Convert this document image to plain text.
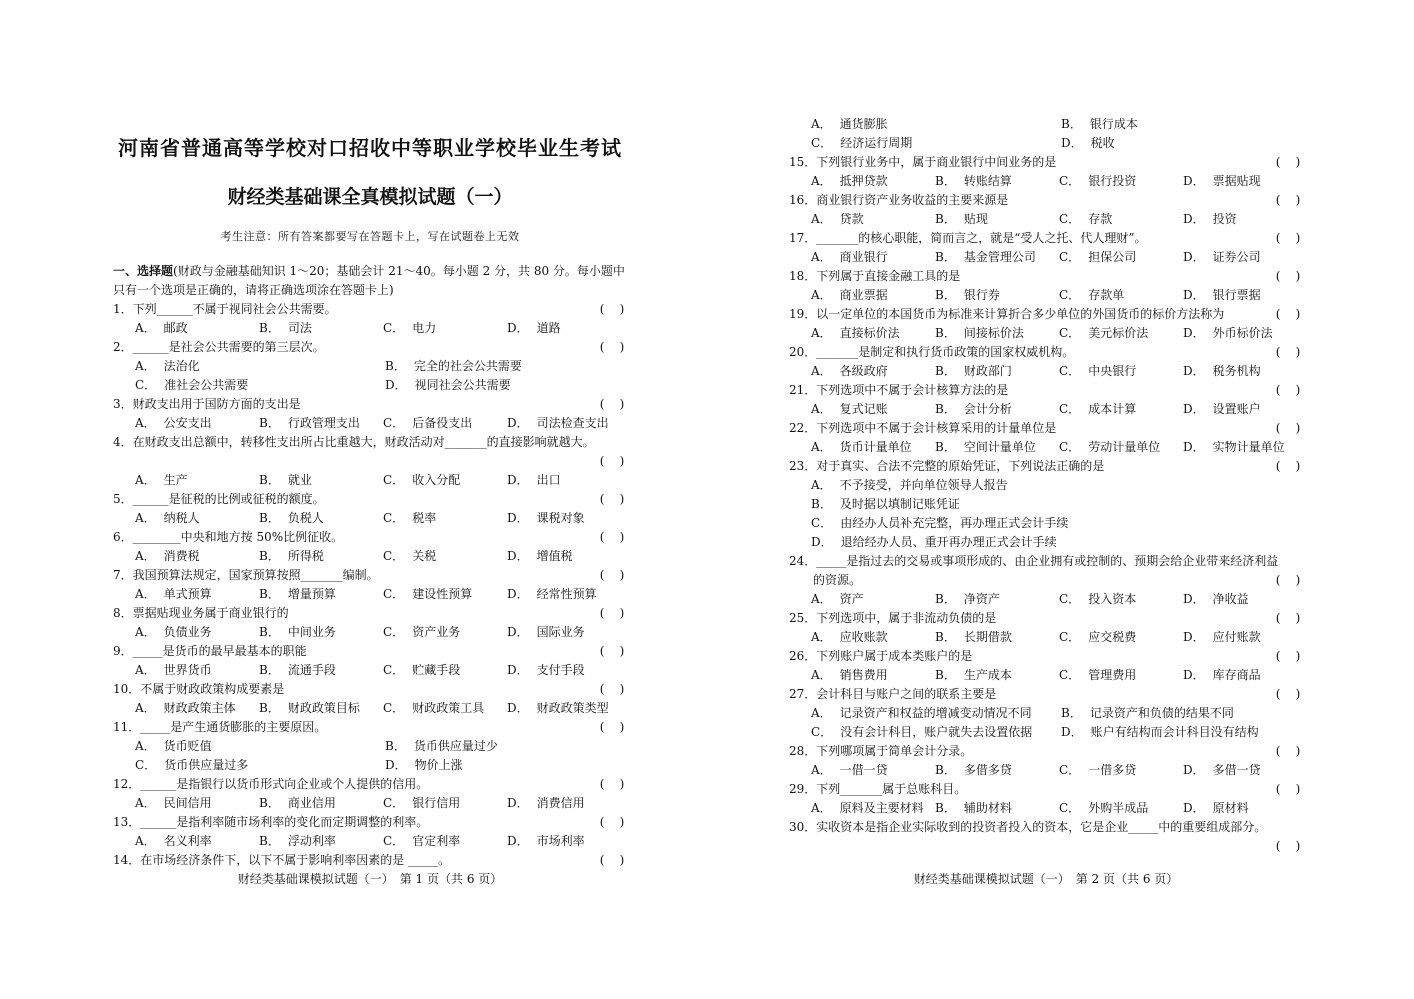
河南省普通高等学校对口招收中等职业学校毕业生考试
财经类基础课全真模拟试题（一）

考生注意：所有答案都要写在答题卡上，写在试题卷上无效

一、选择题(财政与金融基础知识 1～20；基础会计 21～40。每小题 2 分，共 80 分。每小题中只有一个选项是正确的，请将正确选项涂在答题卡上)

1．下列______不属于视同社会公共需要。	(    )
A． 邮政	B． 司法	C． 电力	D． 道路
2．______是社会公共需要的第三层次。	(    )
A． 法治化	B． 完全的社会公共需要
C． 准社会公共需要	D． 视同社会公共需要
3．财政支出用于国防方面的支出是	(    )
A． 公安支出	B． 行政管理支出 C． 后备役支出	D． 司法检查支出
4．在财政支出总额中，转移性支出所占比重越大，财政活动对_______的直接影响就越大。
(    )
A． 生产	B． 就业	C． 收入分配	D． 出口
5．______是征税的比例或征税的额度。	(    )
A． 纳税人	B． 负税人	C． 税率	D． 课税对象
6．________中央和地方按 50%比例征收。	(    )
A． 消费税	B． 所得税	C． 关税	D． 增值税
7．我国预算法规定，国家预算按照_______编制。	(    )
A． 单式预算	B． 增量预算	C． 建设性预算	D． 经常性预算
8．票据贴现业务属于商业银行的	(    )
A． 负债业务	B． 中间业务	C． 资产业务	D． 国际业务
9．_____是货币的最早最基本的职能	(    )
A． 世界货币	B． 流通手段	C． 贮藏手段	D． 支付手段
10．不属于财政政策构成要素是	(    )
A． 财政政策主体 B． 财政政策目标 C． 财政政策工具 D． 财政政策类型
11．_____是产生通货膨胀的主要原因。	(    )
A． 货币贬值	B． 货币供应量过少
C． 货币供应量过多	D． 物价上涨
12．______是指银行以货币形式向企业或个人提供的信用。	(    )
A． 民间信用	B． 商业信用	C． 银行信用	D． 消费信用
13．______是指利率随市场利率的变化而定期调整的利率。	(    )
A． 名义利率	B． 浮动利率	C． 官定利率	D． 市场利率
14．在市场经济条件下，以下不属于影响利率因素的是 _____。	(    )

财经类基础课模拟试题（一）　第 1 页（共 6 页）

A． 通货膨胀	B． 银行成本
C． 经济运行周期	D． 税收
15．下列银行业务中，属于商业银行中间业务的是	(    )
A． 抵押贷款	B． 转账结算	C． 银行投资	D． 票据贴现
16．商业银行资产业务收益的主要来源是	(    )
A． 贷款	B． 贴现	C． 存款	D． 投资
17．_______的核心职能，简而言之，就是“受人之托、代人理财”。	(    )
A． 商业银行	B． 基金管理公司 C． 担保公司	D． 证券公司
18．下列属于直接金融工具的是	(    )
A． 商业票据	B． 银行券	C． 存款单	D． 银行票据
19．以一定单位的本国货币为标准来计算折合多少单位的外国货币的标价方法称为	(    )
A． 直接标价法	B． 间接标价法	C． 美元标价法	D． 外币标价法
20．_______是制定和执行货币政策的国家权威机构。	(    )
A． 各级政府	B． 财政部门	C． 中央银行	D． 税务机构
21．下列选项中不属于会计核算方法的是	(    )
A． 复式记账	B． 会计分析	C． 成本计算	D． 设置账户
22．下列选项中不属于会计核算采用的计量单位是	(    )
A． 货币计量单位 B． 空间计量单位 C． 劳动计量单位 D． 实物计量单位
23．对于真实、合法不完整的原始凭证，下列说法正确的是	(    )
A． 不予接受，并向单位领导人报告
B． 及时据以填制记账凭证
C． 由经办人员补充完整，再办理正式会计手续
D． 退给经办人员、重开再办理正式会计手续
24．_____是指过去的交易或事项形成的、由企业拥有或控制的、预期会给企业带来经济利益
　　的资源。	(    )
A． 资产	B． 净资产	C． 投入资本	D． 净收益
25．下列选项中，属于非流动负债的是	(    )
A． 应收账款	B． 长期借款	C． 应交税费	D． 应付账款
26．下列账户属于成本类账户的是	(    )
A． 销售费用	B． 生产成本	C． 管理费用	D． 库存商品
27．会计科目与账户之间的联系主要是	(    )
A． 记录资产和权益的增减变动情况不同 B． 记录资产和负债的结果不同
C． 没有会计科目，账户就失去设置依据 D． 账户有结构而会计科目没有结构
28．下列哪项属于简单会计分录。	(    )
A． 一借一贷	B． 多借多贷	C． 一借多贷	D． 多借一贷
29．下列_______属于总账科目。	(    )
A． 原料及主要材料 B． 辅助材料	C． 外购半成品	D． 原材料
30．实收资本是指企业实际收到的投资者投入的资本，它是企业_____中的重要组成部分。
(    )

财经类基础课模拟试题（一）　第 2 页（共 6 页）
